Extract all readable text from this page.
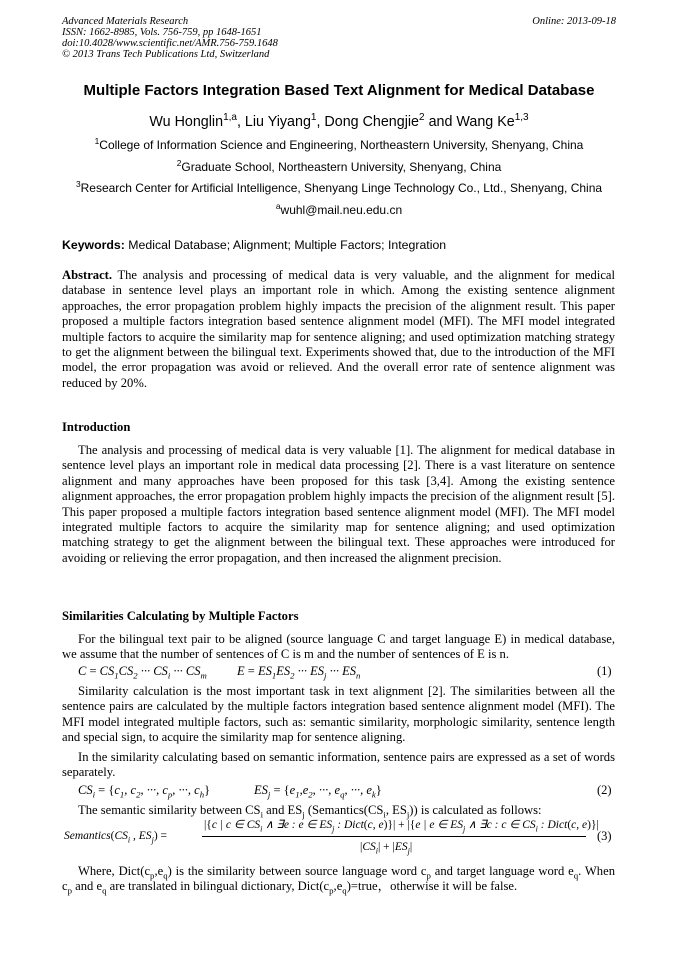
Advanced Materials Research	Online: 2013-09-18
ISSN: 1662-8985, Vols. 756-759, pp 1648-1651
doi:10.4028/www.scientific.net/AMR.756-759.1648
© 2013 Trans Tech Publications Ltd, Switzerland
Multiple Factors Integration Based Text Alignment for Medical Database
Wu Honglin$^{1,a}$, Liu Yiyang$^1$, Dong Chengjie$^2$ and Wang Ke$^{1,3}$
$^1$College of Information Science and Engineering, Northeastern University, Shenyang, China
$^2$Graduate School, Northeastern University, Shenyang, China
$^3$Research Center for Artificial Intelligence, Shenyang Linge Technology Co., Ltd., Shenyang, China
$^a$wuhl@mail.neu.edu.cn
Keywords: Medical Database; Alignment; Multiple Factors; Integration
Abstract. The analysis and processing of medical data is very valuable, and the alignment for medical database in sentence level plays an important role in which. Among the existing sentence alignment approaches, the error propagation problem highly impacts the precision of the alignment result. This paper proposed a multiple factors integration based sentence alignment model (MFI). The MFI model integrated multiple factors to acquire the similarity map for sentence aligning; and used optimization matching strategy to get the alignment between the bilingual text. Experiments showed that, due to the introduction of the MFI model, the error propagation was avoid or relieved. And the overall error rate of sentence alignment was reduced by 20%.
Introduction
The analysis and processing of medical data is very valuable [1]. The alignment for medical database in sentence level plays an important role in medical data processing [2]. There is a vast literature on sentence alignment and many approaches have been proposed for this task [3,4]. Among the existing sentence alignment approaches, the error propagation problem highly impacts the precision of the alignment result [5]. This paper proposed a multiple factors integration based sentence alignment model (MFI). The MFI model integrated multiple factors to acquire the similarity map for sentence aligning; and used optimization matching strategy to get the alignment between the bilingual text. These approaches were introduced for avoiding or relieving the error propagation, and then increased the alignment precision.
Similarities Calculating by Multiple Factors
For the bilingual text pair to be aligned (source language C and target language E) in medical database, we assume that the number of sentences of C is m and the number of sentences of E is n.
$C = CS_1CS_2$ ··· $CS_i$ ··· $CS_m$ $E = ES_1ES_2$ ··· $ES_j$ ··· $ES_n$	(1)
Similarity calculation is the most important task in text alignment [2]. The similarities between all the sentence pairs are calculated by the multiple factors integration based sentence alignment model (MFI). The MFI model integrated multiple factors, such as: semantic similarity, morphologic similarity, sentence length and special sign, to acquire the similarity map for sentence aligning.
In the similarity calculating based on semantic information, sentence pairs are expressed as a set of words separately.
$CS_i = \{c_1$, $c_2$, ···, $c_p$, ···, $c_h$}	$ES_j = \{e_1,e_2$, ···, $e_q$, ···, $e_k$}	(2)
The semantic similarity between $CS_i$ and $ES_j$ ($Semantics(CS_i$, $ES_j$)) is calculated as follows:
$Semantics(CS_i$ , $ES_j$) =
|{c | c ∈ $CS_i$ ∧ ∃e : e ∈ $ES_j$ : Dict(c, e)}| + |{e | e ∈ $ES_j$ ∧ ∃c : c ∈ $CS_i$ : Dict(c, e)}|
$|CS_i| + |ES_j|$
(3)
Where, $Dict(c_p,e_q)$ is the similarity between source language word $c_p$ and target language word $e_q$. When $c_p$ and $e_q$ are translated in bilingual dictionary, $Dict(c_p,e_q)=true$，otherwise it will be false.
